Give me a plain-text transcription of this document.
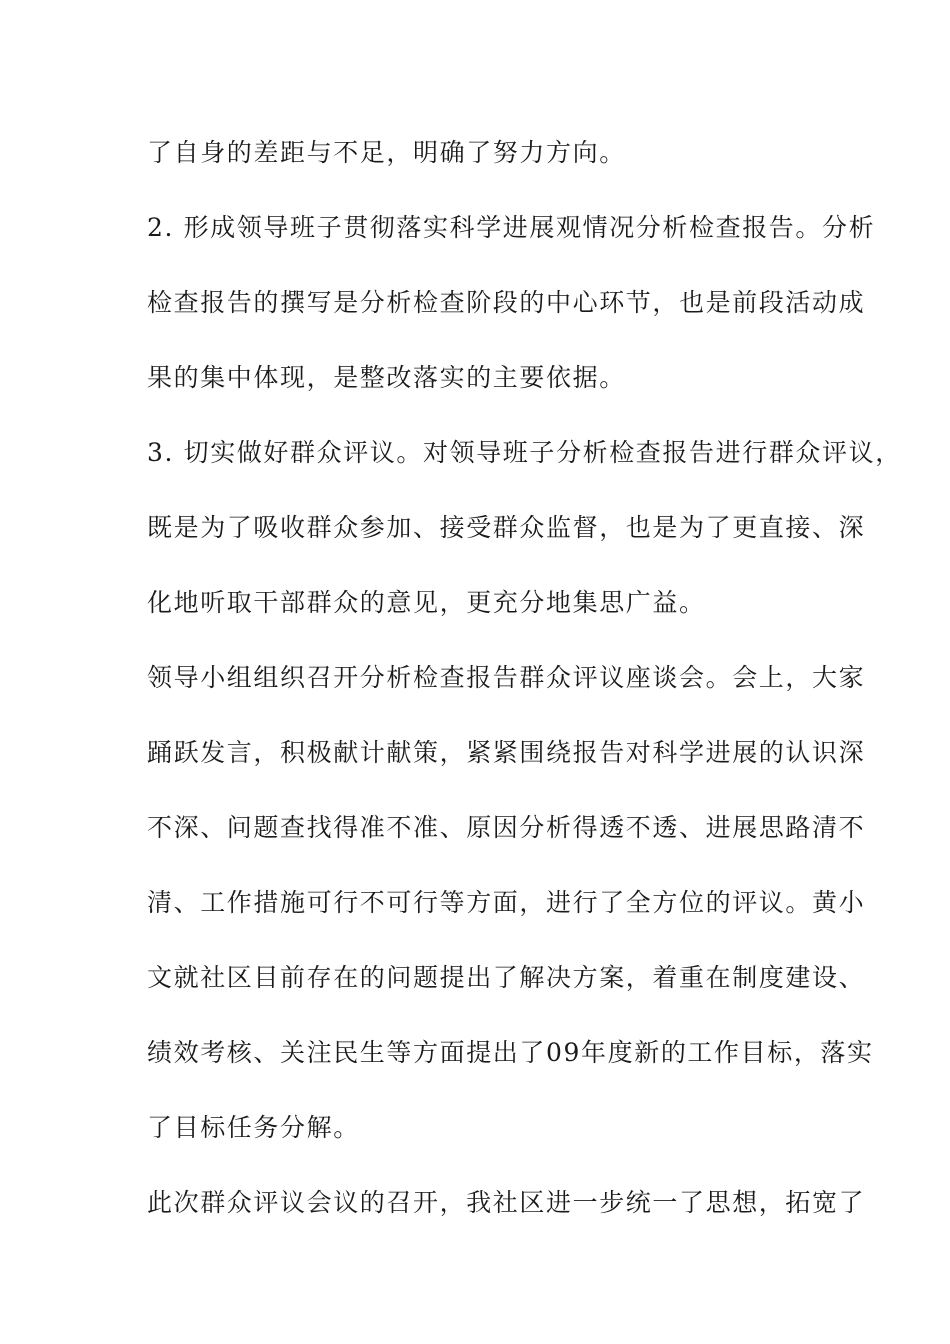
了自身的差距与不足，明确了努力方向。

2. 形成领导班子贯彻落实科学进展观情况分析检查报告。分析

检查报告的撰写是分析检查阶段的中心环节，也是前段活动成

果的集中体现，是整改落实的主要依据。

3. 切实做好群众评议。对领导班子分析检查报告进行群众评议，

既是为了吸收群众参加、接受群众监督，也是为了更直接、深

化地听取干部群众的意见，更充分地集思广益。

领导小组组织召开分析检查报告群众评议座谈会。会上，大家

踊跃发言，积极献计献策，紧紧围绕报告对科学进展的认识深

不深、问题查找得准不准、原因分析得透不透、进展思路清不

清、工作措施可行不可行等方面，进行了全方位的评议。黄小

文就社区目前存在的问题提出了解决方案，着重在制度建设、

绩效考核、关注民生等方面提出了09年度新的工作目标，落实

了目标任务分解。

此次群众评议会议的召开，我社区进一步统一了思想，拓宽了
